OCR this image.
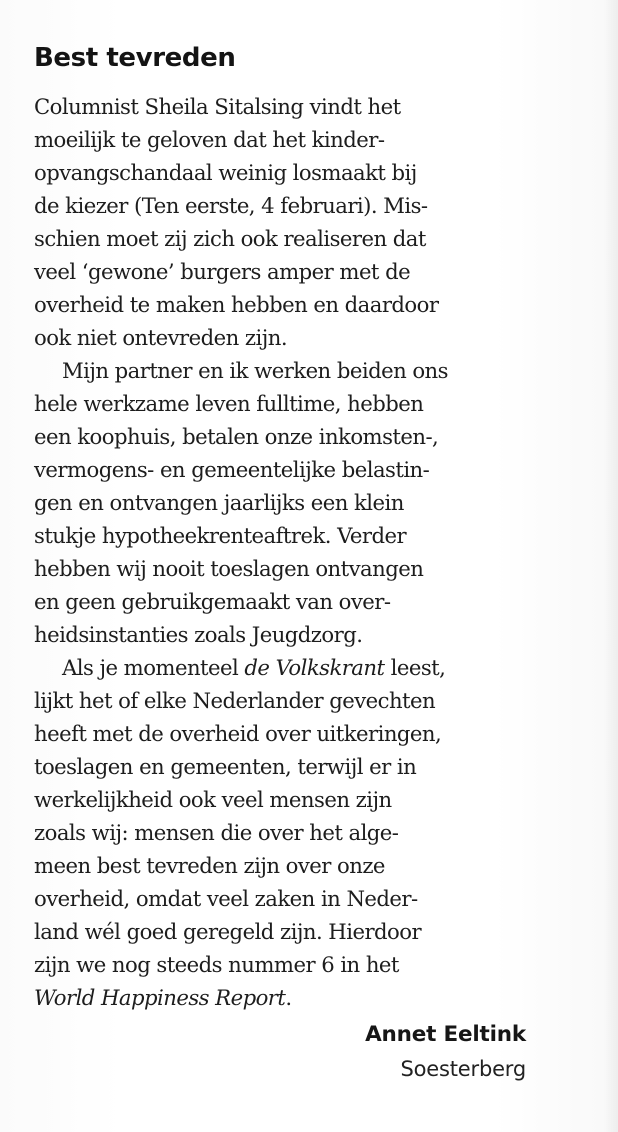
Best tevreden
Columnist Sheila Sitalsing vindt het
moeilijk te geloven dat het kinder-
opvangschandaal weinig losmaakt bij
de kiezer (Ten eerste, 4 februari). Mis-
schien moet zij zich ook realiseren dat
veel ‘gewone’ burgers amper met de
overheid te maken hebben en daardoor
ook niet ontevreden zijn.
Mijn partner en ik werken beiden ons
hele werkzame leven fulltime, hebben
een koophuis, betalen onze inkomsten-,
vermogens- en gemeentelijke belastin-
gen en ontvangen jaarlijks een klein
stukje hypotheekrenteaftrek. Verder
hebben wij nooit toeslagen ontvangen
en geen gebruikgemaakt van over-
heidsinstanties zoals Jeugdzorg.
Als je momenteel de Volkskrant leest,
lijkt het of elke Nederlander gevechten
heeft met de overheid over uitkeringen,
toeslagen en gemeenten, terwijl er in
werkelijkheid ook veel mensen zijn
zoals wij: mensen die over het alge-
meen best tevreden zijn over onze
overheid, omdat veel zaken in Neder-
land wél goed geregeld zijn. Hierdoor
zijn we nog steeds nummer 6 in het
World Happiness Report.
Annet Eeltink
Soesterberg
